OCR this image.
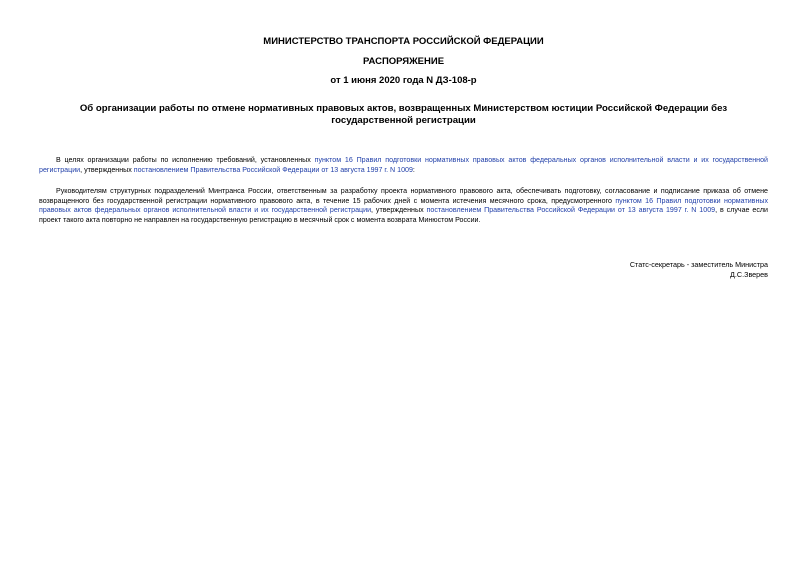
МИНИСТЕРСТВО ТРАНСПОРТА РОССИЙСКОЙ ФЕДЕРАЦИИ
РАСПОРЯЖЕНИЕ
от 1 июня 2020 года N ДЗ-108-р
Об организации работы по отмене нормативных правовых актов, возвращенных Министерством юстиции Российской Федерации без государственной регистрации

В целях организации работы по исполнению требований, установленных пунктом 16 Правил подготовки нормативных правовых актов федеральных органов исполнительной власти и их государственной регистрации, утвержденных постановлением Правительства Российской Федерации от 13 августа 1997 г. N 1009:

Руководителям структурных подразделений Минтранса России, ответственным за разработку проекта нормативного правового акта, обеспечивать подготовку, согласование и подписание приказа об отмене возвращенного без государственной регистрации нормативного правового акта, в течение 15 рабочих дней с момента истечения месячного срока, предусмотренного пунктом 16 Правил подготовки нормативных правовых актов федеральных органов исполнительной власти и их государственной регистрации, утвержденных постановлением Правительства Российской Федерации от 13 августа 1997 г. N 1009, в случае если проект такого акта повторно не направлен на государственную регистрацию в месячный срок с момента возврата Минюстом России.

Статс-секретарь - заместитель Министра
Д.С.Зверев
